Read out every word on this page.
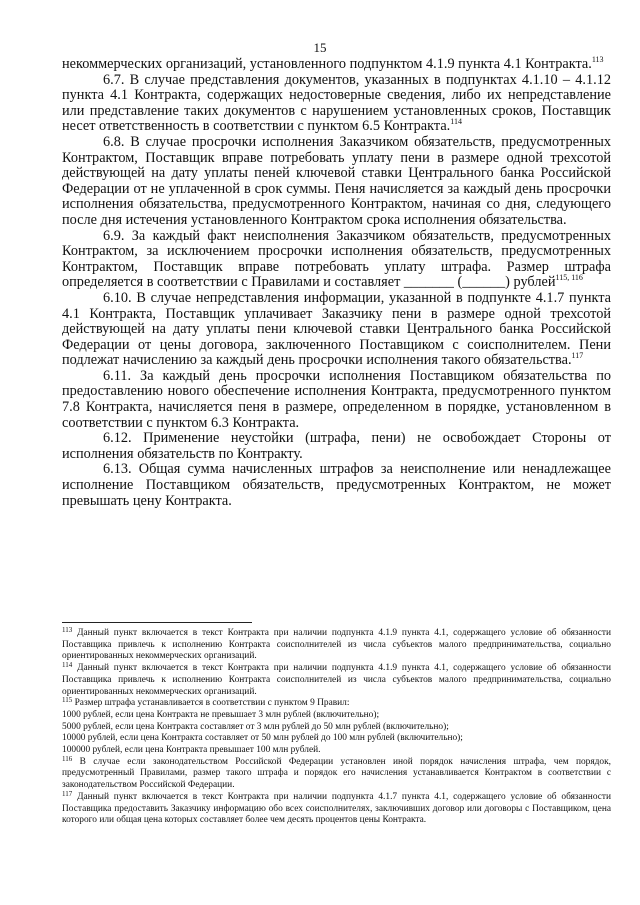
15

некоммерческих организаций, установленного подпунктом 4.1.9 пункта 4.1 Контракта.$^{113}$

6.7. В случае представления документов, указанных в подпунктах 4.1.10 – 4.1.12 пункта 4.1 Контракта, содержащих недостоверные сведения, либо их непредставление или представление таких документов с нарушением установленных сроков, Поставщик несет ответственность в соответствии с пунктом 6.5 Контракта.$^{114}$

6.8. В случае просрочки исполнения Заказчиком обязательств, предусмотренных Контрактом, Поставщик вправе потребовать уплату пени в размере одной трехсотой действующей на дату уплаты пеней ключевой ставки Центрального банка Российской Федерации от не уплаченной в срок суммы. Пеня начисляется за каждый день просрочки исполнения обязательства, предусмотренного Контрактом, начиная со дня, следующего после дня истечения установленного Контрактом срока исполнения обязательства.

6.9. За каждый факт неисполнения Заказчиком обязательств, предусмотренных Контрактом, за исключением просрочки исполнения обязательств, предусмотренных Контрактом, Поставщик вправе потребовать уплату штрафа. Размер штрафа определяется в соответствии с Правилами и составляет _______ (______) рублей$^{115, 116}$

6.10. В случае непредставления информации, указанной в подпункте 4.1.7 пункта 4.1 Контракта, Поставщик уплачивает Заказчику пени в размере одной трехсотой действующей на дату уплаты пени ключевой ставки Центрального банка Российской Федерации от цены договора, заключенного Поставщиком с соисполнителем. Пени подлежат начислению за каждый день просрочки исполнения такого обязательства.$^{117}$

6.11. За каждый день просрочки исполнения Поставщиком обязательства по предоставлению нового обеспечение исполнения Контракта, предусмотренного пунктом 7.8 Контракта, начисляется пеня в размере, определенном в порядке, установленном в соответствии с пунктом 6.3 Контракта.

6.12. Применение неустойки (штрафа, пени) не освобождает Стороны от исполнения обязательств по Контракту.

6.13. Общая сумма начисленных штрафов за неисполнение или ненадлежащее исполнение Поставщиком обязательств, предусмотренных Контрактом, не может превышать цену Контракта.

$^{113}$ Данный пункт включается в текст Контракта при наличии подпункта 4.1.9 пункта 4.1, содержащего условие об обязанности Поставщика привлечь к исполнению Контракта соисполнителей из числа субъектов малого предпринимательства, социально ориентированных некоммерческих организаций.

$^{114}$ Данный пункт включается в текст Контракта при наличии подпункта 4.1.9 пункта 4.1, содержащего условие об обязанности Поставщика привлечь к исполнению Контракта соисполнителей из числа субъектов малого предпринимательства, социально ориентированных некоммерческих организаций.

$^{115}$ Размер штрафа устанавливается в соответствии с пунктом 9 Правил:

1000 рублей, если цена Контракта не превышает 3 млн рублей (включительно);

5000 рублей, если цена Контракта составляет от 3 млн рублей до 50 млн рублей (включительно);

10000 рублей, если цена Контракта составляет от 50 млн рублей до 100 млн рублей (включительно);

100000 рублей, если цена Контракта превышает 100 млн рублей.

$^{116}$ В случае если законодательством Российской Федерации установлен иной порядок начисления штрафа, чем порядок, предусмотренный Правилами, размер такого штрафа и порядок его начисления устанавливается Контрактом в соответствии с законодательством Российской Федерации.

$^{117}$ Данный пункт включается в текст Контракта при наличии подпункта 4.1.7 пункта 4.1, содержащего условие об обязанности Поставщика предоставить Заказчику информацию обо всех соисполнителях, заключивших договор или договоры с Поставщиком, цена которого или общая цена которых составляет более чем десять процентов цены Контракта.
